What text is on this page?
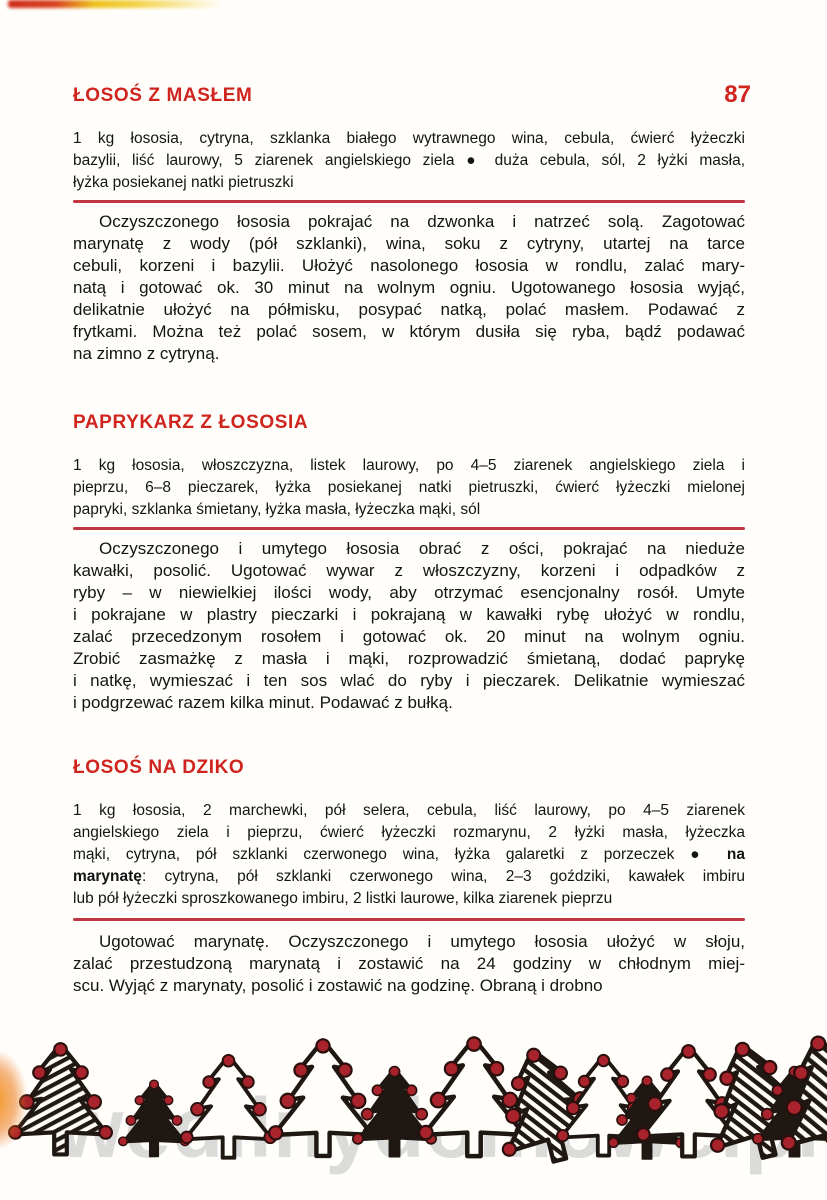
ŁOSOŚ Z MASŁEM	87
1 kg łososia, cytryna, szklanka białego wytrawnego wina, cebula, ćwierć łyżeczki
bazylii, liść laurowy, 5 ziarenek angielskiego ziela ● duża cebula, sól, 2 łyżki masła,
łyżka posiekanej natki pietruszki
Oczyszczonego łososia pokrajać na dzwonka i natrzeć solą. Zagotować
marynatę z wody (pół szklanki), wina, soku z cytryny, utartej na tarce
cebuli, korzeni i bazylii. Ułożyć nasolonego łososia w rondlu, zalać mary-
natą i gotować ok. 30 minut na wolnym ogniu. Ugotowanego łososia wyjąć,
delikatnie ułożyć na półmisku, posypać natką, polać masłem. Podawać z
frytkami. Można też polać sosem, w którym dusiła się ryba, bądź podawać
na zimno z cytryną.
PAPRYKARZ Z ŁOSOSIA
1 kg łososia, włoszczyzna, listek laurowy, po 4–5 ziarenek angielskiego ziela i
pieprzu, 6–8 pieczarek, łyżka posiekanej natki pietruszki, ćwierć łyżeczki mielonej
papryki, szklanka śmietany, łyżka masła, łyżeczka mąki, sól
Oczyszczonego i umytego łososia obrać z ości, pokrajać na nieduże
kawałki, posolić. Ugotować wywar z włoszczyzny, korzeni i odpadków z
ryby – w niewielkiej ilości wody, aby otrzymać esencjonalny rosół. Umyte
i pokrajane w plastry pieczarki i pokrajaną w kawałki rybę ułożyć w rondlu,
zalać przecedzonym rosołem i gotować ok. 20 minut na wolnym ogniu.
Zrobić zasmażkę z masła i mąki, rozprowadzić śmietaną, dodać paprykę
i natkę, wymieszać i ten sos wlać do ryby i pieczarek. Delikatnie wymieszać
i podgrzewać razem kilka minut. Podawać z bułką.
ŁOSOŚ NA DZIKO
1 kg łososia, 2 marchewki, pół selera, cebula, liść laurowy, po 4–5 ziarenek
angielskiego ziela i pieprzu, ćwierć łyżeczki rozmarynu, 2 łyżki masła, łyżeczka
mąki, cytryna, pół szklanki czerwonego wina, łyżka galaretki z porzeczek ● na
marynatę: cytryna, pół szklanki czerwonego wina, 2–3 goździki, kawałek imbiru
lub pół łyżeczki sproszkowanego imbiru, 2 listki laurowe, kilka ziarenek pieprzu
Ugotować marynatę. Oczyszczonego i umytego łososia ułożyć w słoju,
zalać przestudzoną marynatą i zostawić na 24 godziny w chłodnym miej-
scu. Wyjąć z marynaty, posolić i zostawić na godzinę. Obraną i drobno
